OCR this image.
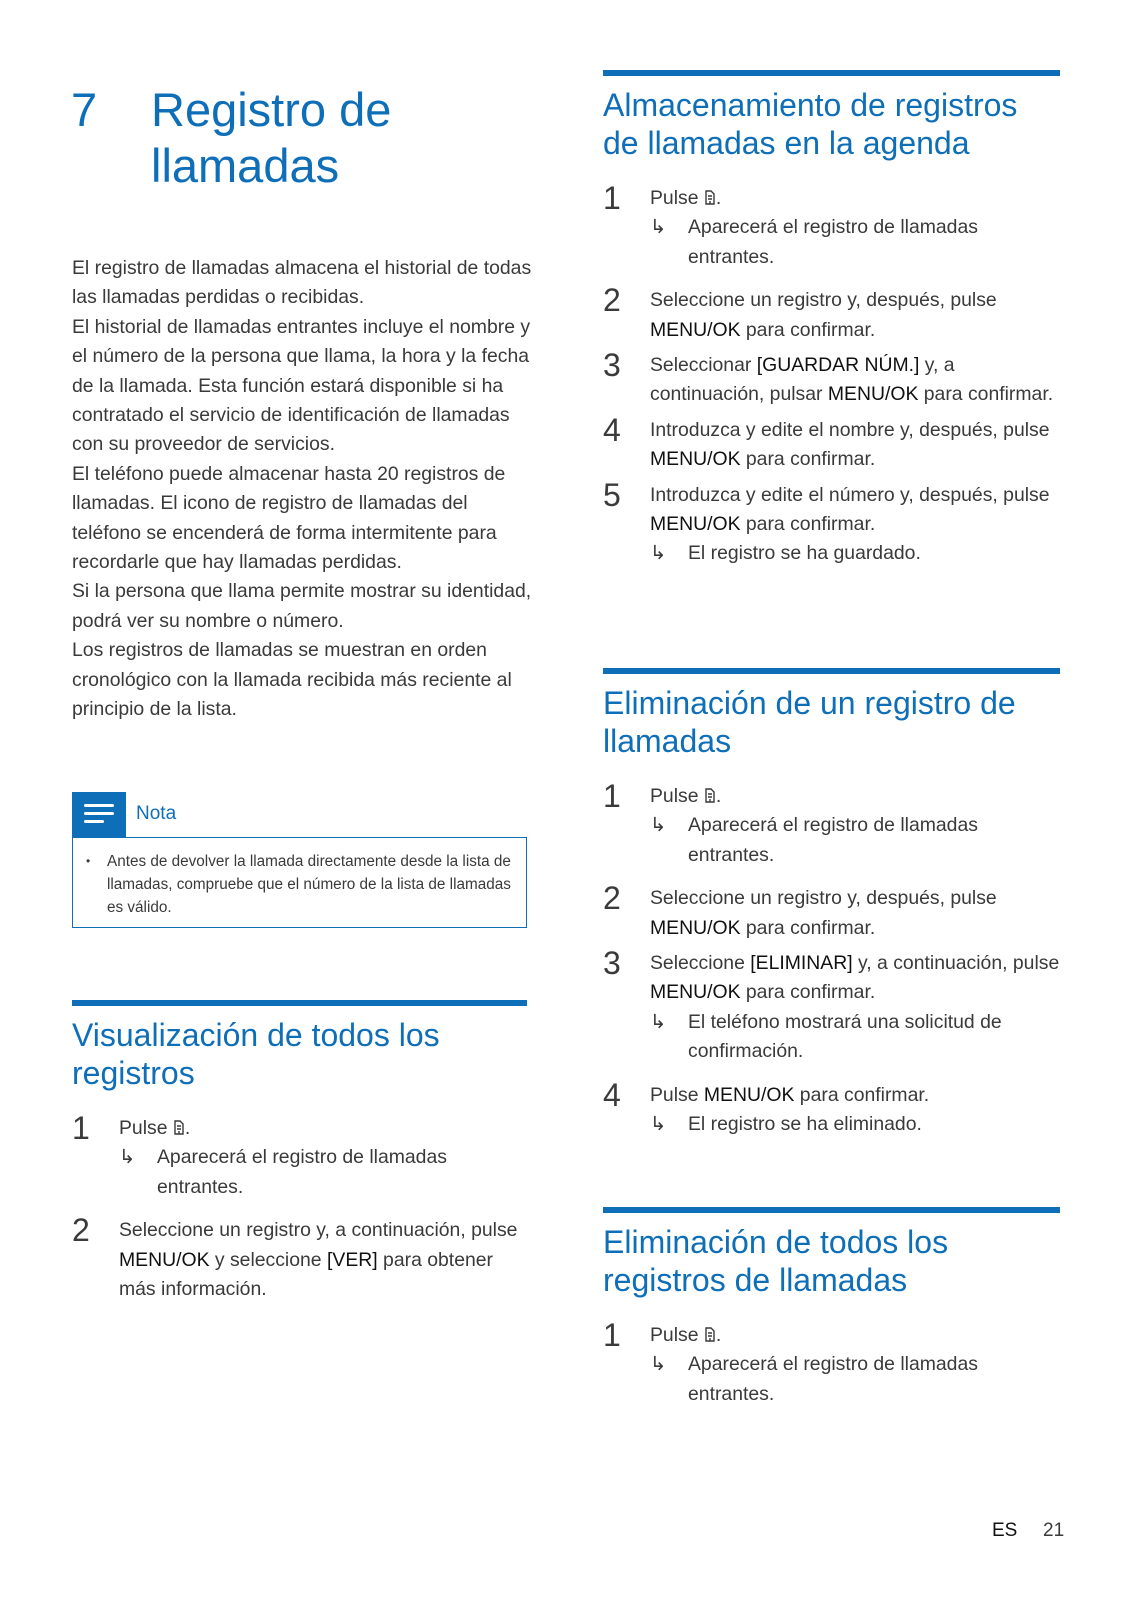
7 Registro de llamadas

El registro de llamadas almacena el historial de todas las llamadas perdidas o recibidas.

El historial de llamadas entrantes incluye el nombre y el número de la persona que llama, la hora y la fecha de la llamada. Esta función estará disponible si ha contratado el servicio de identificación de llamadas con su proveedor de servicios.

El teléfono puede almacenar hasta 20 registros de llamadas. El icono de registro de llamadas del teléfono se encenderá de forma intermitente para recordarle que hay llamadas perdidas.

Si la persona que llama permite mostrar su identidad, podrá ver su nombre o número.

Los registros de llamadas se muestran en orden cronológico con la llamada recibida más reciente al principio de la lista.

Nota
• Antes de devolver la llamada directamente desde la lista de llamadas, compruebe que el número de la lista de llamadas es válido.
Visualización de todos los registros
1 Pulse .
↳ Aparecerá el registro de llamadas entrantes.
2 Seleccione un registro y, a continuación, pulse MENU/OK y seleccione [VER] para obtener más información.
Almacenamiento de registros de llamadas en la agenda
1 Pulse .
↳ Aparecerá el registro de llamadas entrantes.
2 Seleccione un registro y, después, pulse MENU/OK para confirmar.
3 Seleccionar [GUARDAR NÚM.] y, a continuación, pulsar MENU/OK para confirmar.
4 Introduzca y edite el nombre y, después, pulse MENU/OK para confirmar.
5 Introduzca y edite el número y, después, pulse MENU/OK para confirmar.
↳ El registro se ha guardado.
Eliminación de un registro de llamadas
1 Pulse .
↳ Aparecerá el registro de llamadas entrantes.
2 Seleccione un registro y, después, pulse MENU/OK para confirmar.
3 Seleccione [ELIMINAR] y, a continuación, pulse MENU/OK para confirmar.
↳ El teléfono mostrará una solicitud de confirmación.
4 Pulse MENU/OK para confirmar.
↳ El registro se ha eliminado.
Eliminación de todos los registros de llamadas
1 Pulse .
↳ Aparecerá el registro de llamadas entrantes.
ES 21
